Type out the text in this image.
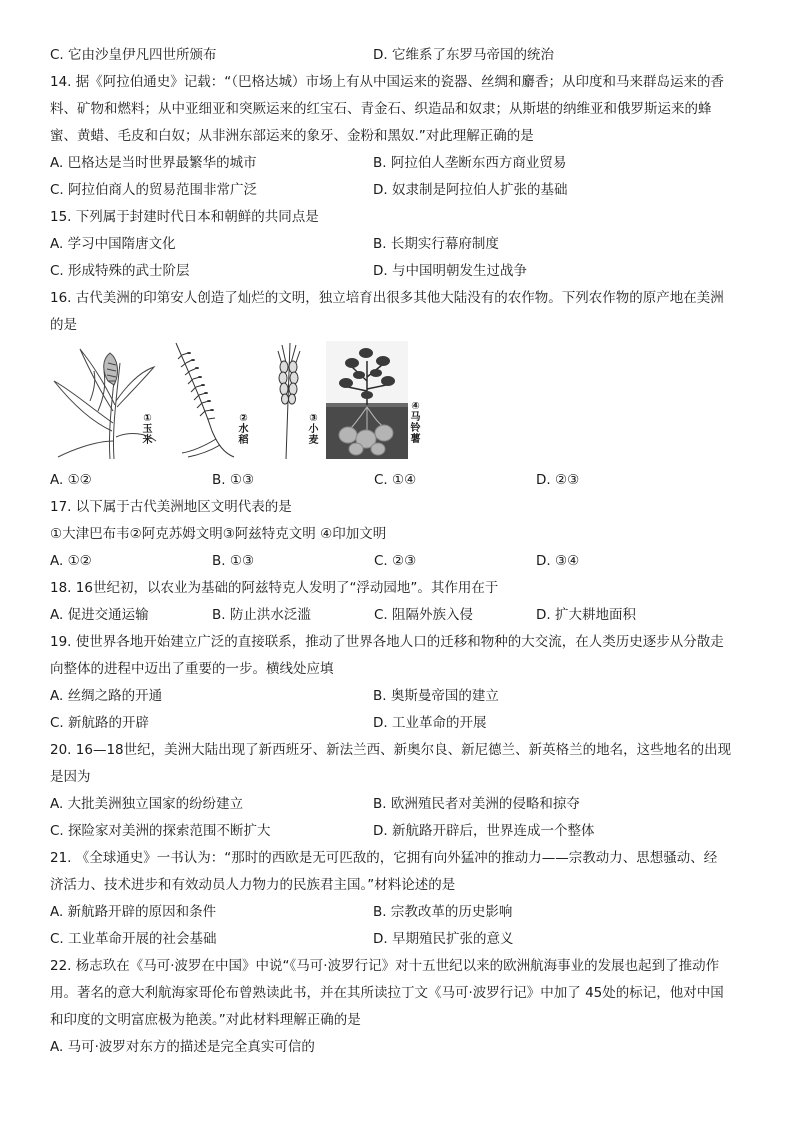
C. 它由沙皇伊凡四世所颁布	D. 它维系了东罗马帝国的统治
14. 据《阿拉伯通史》记载：“（巴格达城）市场上有从中国运来的瓷器、丝绸和麝香；从印度和马来群岛运来的香
料、矿物和燃料；从中亚细亚和突厥运来的红宝石、青金石、织造品和奴隶；从斯堪的纳维亚和俄罗斯运来的蜂
蜜、黄蜡、毛皮和白奴；从非洲东部运来的象牙、金粉和黑奴.”对此理解正确的是
A. 巴格达是当时世界最繁华的城市	B. 阿拉伯人垄断东西方商业贸易
C. 阿拉伯商人的贸易范围非常广泛	D. 奴隶制是阿拉伯人扩张的基础
15. 下列属于封建时代日本和朝鲜的共同点是
A. 学习中国隋唐文化	B. 长期实行幕府制度
C. 形成特殊的武士阶层	D. 与中国明朝发生过战争
16. 古代美洲的印第安人创造了灿烂的文明，独立培育出很多其他大陆没有的农作物。下列农作物的原产地在美洲
的是
①
玉
米
②
水
稻
③
小
麦
④
马
铃
薯
A. ①②	B. ①③	C. ①④	D. ②③
17. 以下属于古代美洲地区文明代表的是
①大津巴布韦②阿克苏姆文明③阿兹特克文明 ④印加文明
A. ①②	B. ①③	C. ②③	D. ③④
18. 16世纪初，以农业为基础的阿兹特克人发明了“浮动园地”。其作用在于
A. 促进交通运输	B. 防止洪水泛滥	C. 阻隔外族入侵	D. 扩大耕地面积
19. 使世界各地开始建立广泛的直接联系，推动了世界各地人口的迁移和物种的大交流，在人类历史逐步从分散走
向整体的进程中迈出了重要的一步。横线处应填
A. 丝绸之路的开通	B. 奥斯曼帝国的建立
C. 新航路的开辟	D. 工业革命的开展
20. 16—18世纪，美洲大陆出现了新西班牙、新法兰西、新奥尔良、新尼德兰、新英格兰的地名，这些地名的出现
是因为
A. 大批美洲独立国家的纷纷建立	B. 欧洲殖民者对美洲的侵略和掠夺
C. 探险家对美洲的探索范围不断扩大	D. 新航路开辟后，世界连成一个整体
21. 《全球通史》一书认为：“那时的西欧是无可匹敌的，它拥有向外猛冲的推动力——宗教动力、思想骚动、经
济活力、技术进步和有效动员人力物力的民族君主国。”材料论述的是
A. 新航路开辟的原因和条件	B. 宗教改革的历史影响
C. 工业革命开展的社会基础	D. 早期殖民扩张的意义
22. 杨志玖在《马可·波罗在中国》中说“《马可·波罗行记》对十五世纪以来的欧洲航海事业的发展也起到了推动作
用。著名的意大利航海家哥伦布曾熟读此书，并在其所读拉丁文《马可·波罗行记》中加了 45处的标记，他对中国
和印度的文明富庶极为艳羡。”对此材料理解正确的是
A. 马可·波罗对东方的描述是完全真实可信的
